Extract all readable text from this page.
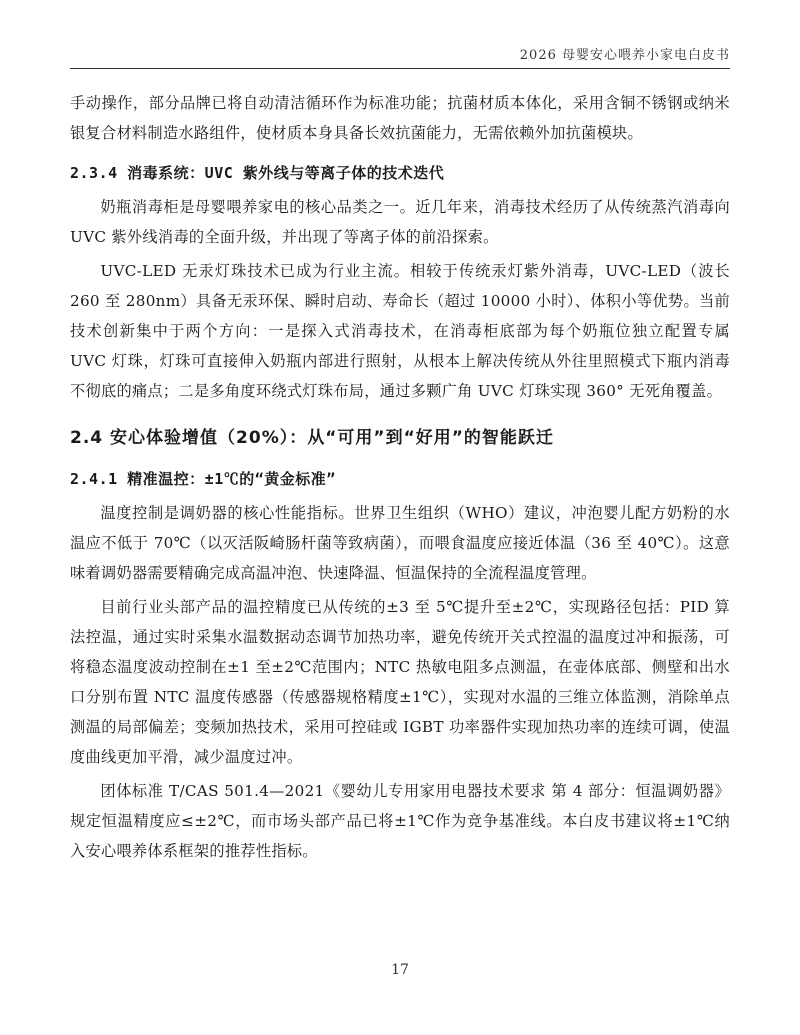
2026 母婴安心喂养小家电白皮书

手动操作，部分品牌已将自动清洁循环作为标准功能；抗菌材质本体化，采用含铜不锈钢或纳米银复合材料制造水路组件，使材质本身具备长效抗菌能力，无需依赖外加抗菌模块。

2.3.4 消毒系统：UVC 紫外线与等离子体的技术迭代

奶瓶消毒柜是母婴喂养家电的核心品类之一。近几年来，消毒技术经历了从传统蒸汽消毒向 UVC 紫外线消毒的全面升级，并出现了等离子体的前沿探索。

UVC-LED 无汞灯珠技术已成为行业主流。相较于传统汞灯紫外消毒，UVC-LED（波长 260 至 280nm）具备无汞环保、瞬时启动、寿命长（超过 10000 小时）、体积小等优势。当前技术创新集中于两个方向：一是探入式消毒技术，在消毒柜底部为每个奶瓶位独立配置专属 UVC 灯珠，灯珠可直接伸入奶瓶内部进行照射，从根本上解决传统从外往里照模式下瓶内消毒不彻底的痛点；二是多角度环绕式灯珠布局，通过多颗广角 UVC 灯珠实现 360° 无死角覆盖。

2.4 安心体验增值（20%）：从“可用”到“好用”的智能跃迁
2.4.1 精准温控：±1℃的“黄金标准”

温度控制是调奶器的核心性能指标。世界卫生组织（WHO）建议，冲泡婴儿配方奶粉的水温应不低于 70℃（以灭活阪崎肠杆菌等致病菌），而喂食温度应接近体温（36 至 40℃）。这意味着调奶器需要精确完成高温冲泡、快速降温、恒温保持的全流程温度管理。

目前行业头部产品的温控精度已从传统的±3 至 5℃提升至±2℃，实现路径包括：PID 算法控温，通过实时采集水温数据动态调节加热功率，避免传统开关式控温的温度过冲和振荡，可将稳态温度波动控制在±1 至±2℃范围内；NTC 热敏电阻多点测温，在壶体底部、侧壁和出水口分别布置 NTC 温度传感器（传感器规格精度±1℃），实现对水温的三维立体监测，消除单点测温的局部偏差；变频加热技术，采用可控硅或 IGBT 功率器件实现加热功率的连续可调，使温度曲线更加平滑，减少温度过冲。

团体标准 T/CAS 501.4—2021《婴幼儿专用家用电器技术要求 第 4 部分：恒温调奶器》规定恒温精度应≤±2℃，而市场头部产品已将±1℃作为竞争基准线。本白皮书建议将±1℃纳入安心喂养体系框架的推荐性指标。

17
